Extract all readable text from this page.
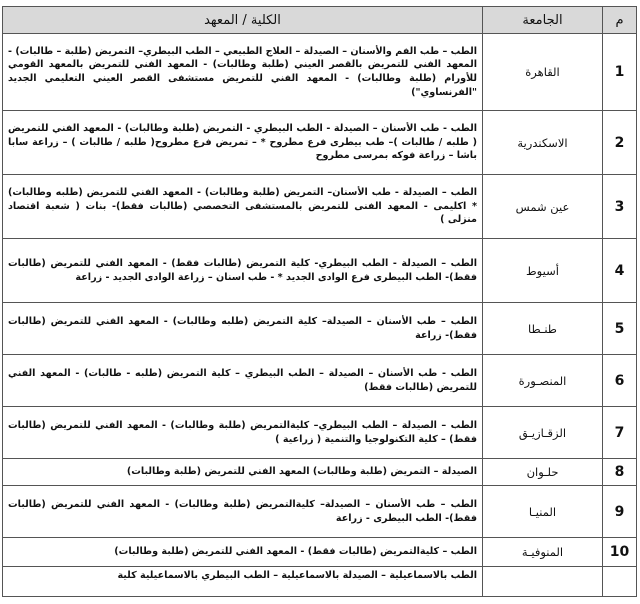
م	الجامعة	الكلية / المعهد
1	القاهرة	الطب – طب الفم والأسنان – الصيدلة – العلاج الطبيعي – الطب البيطري– التمريض (طلبة – طالبات) - المعهد الفني للتمريض بالقصر العيني (طلبة وطالبات) - المعهد الفني للتمريض بالمعهد القومي للأورام (طلبة وطالبات) - المعهد الفني للتمريض مستشفى القصر العيني التعليمي الجديد "الفرنساوي")
2	الاسكندرية	الطب - طب الأسنان – الصيدلة - الطب البيطري - التمريض (طلبة وطالبات) - المعهد الفني للتمريض ( طلبه / طالبات )– طب بيطرى فرع مطروح * – تمريض فرع مطروح( طلبه / طالبات ) – زراعة سابا باشا – زراعة فوكه بمرسى مطروح
3	عين شمس	الطب – الصيدلة - طب الأسنان– التمريض (طلبة وطالبات) - المعهد الفني للتمريض (طلبه وطالبات) * اكليمى - المعهد الفنى للتمريض بالمستشفى التخصصي (طالبات فقط)- بنات ( شعبة اقتصاد منزلى )
4	أسيوط	الطب – الصيدلة - الطب البيطري- كلية التمريض (طالبات فقط) - المعهد الفني للتمريض (طالبات فقط)- الطب البيطرى فرع الوادى الجديد * - طب اسنان – زراعة الوادى الجديد - زراعة
5	طنـطا	الطب – طب الأسنان – الصيدلة– كلية التمريض (طلبه وطالبات) - المعهد الفني للتمريض (طالبات فقط)- زراعة
6	المنصـورة	الطب - طب الأسنان – الصيدلة – الطب البيطري – كلية التمريض (طلبه - طالبات) - المعهد الفني للتمريض (طالبات فقط)
7	الزقـازيـق	الطب – الصيدلة – الطب البيطري– كليةالتمريض (طلبة وطالبات) - المعهد الفني للتمريض (طالبات فقط) – كلية التكنولوجيا والتنمية ( زراعية )
8	حلـوان	الصيدلة – التمريض (طلبة وطالبات) المعهد الفني للتمريض (طلبة وطالبات)
9	المنيـا	الطب – طب الأسنان – الصيدلة– كليةالتمريض (طلبة وطالبات) - المعهد الفني للتمريض (طالبات فقط)- الطب البيطرى - زراعة
10	المنوفيـة	الطب – كليةالتمريض (طالبات فقط) - المعهد الفني للتمريض (طلبة وطالبات)
		الطب بالاسماعيلية – الصيدلة بالاسماعيلية – الطب البيطري بالاسماعيلية كلية
